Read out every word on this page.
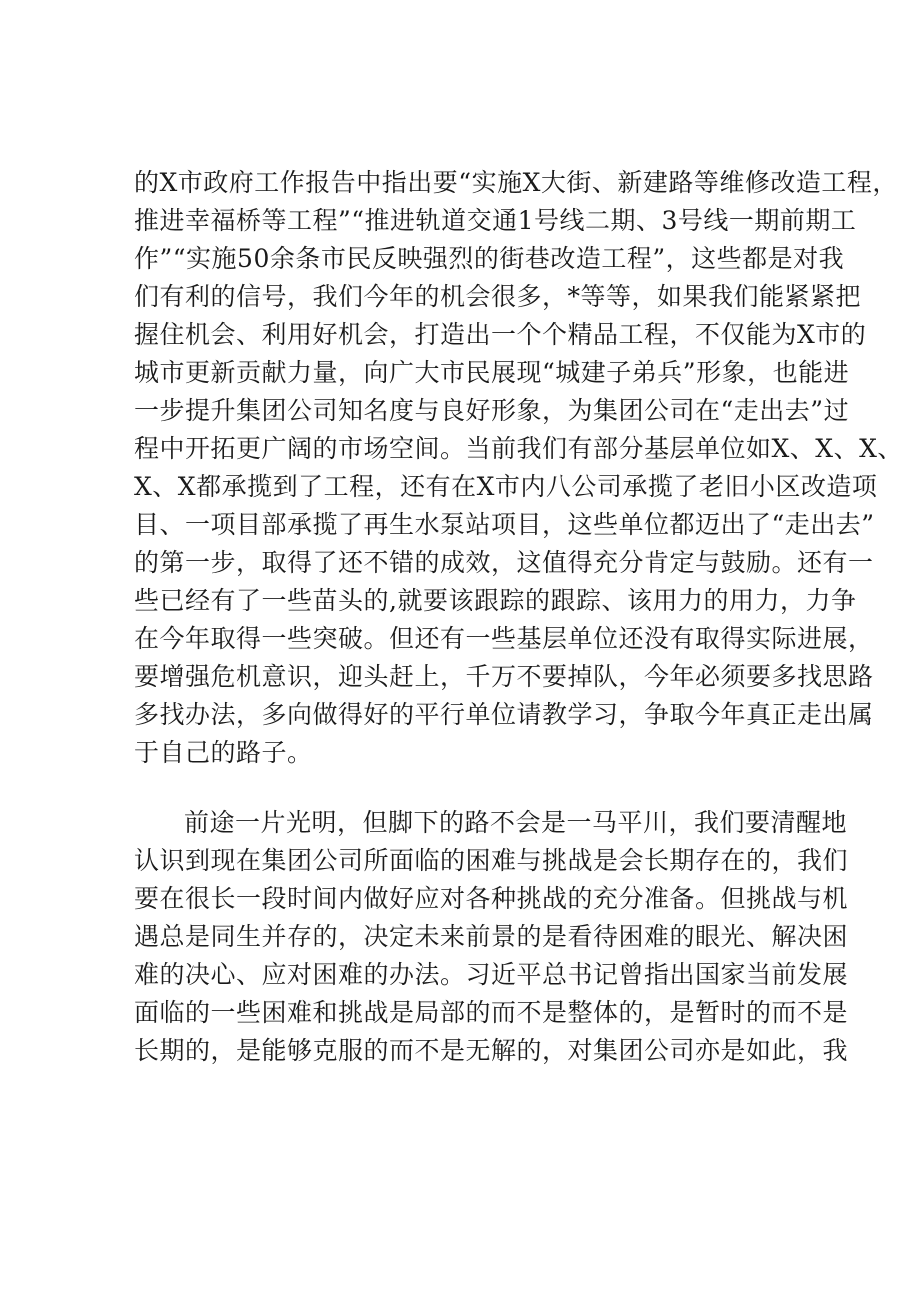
的X市政府工作报告中指出要“实施X大街、新建路等维修改造工程，
推进幸福桥等工程”“推进轨道交通1号线二期、3号线一期前期工
作”“实施50余条市民反映强烈的街巷改造工程”，这些都是对我
们有利的信号，我们今年的机会很多，*等等，如果我们能紧紧把
握住机会、利用好机会，打造出一个个精品工程，不仅能为X市的
城市更新贡献力量，向广大市民展现“城建子弟兵”形象，也能进
一步提升集团公司知名度与良好形象，为集团公司在“走出去”过
程中开拓更广阔的市场空间。当前我们有部分基层单位如X、X、X、
X、X都承揽到了工程，还有在X市内八公司承揽了老旧小区改造项
目、一项目部承揽了再生水泵站项目，这些单位都迈出了“走出去”
的第一步，取得了还不错的成效，这值得充分肯定与鼓励。还有一
些已经有了一些苗头的,就要该跟踪的跟踪、该用力的用力，力争
在今年取得一些突破。但还有一些基层单位还没有取得实际进展，
要增强危机意识，迎头赶上，千万不要掉队，今年必须要多找思路
多找办法，多向做得好的平行单位请教学习，争取今年真正走出属
于自己的路子。
前途一片光明，但脚下的路不会是一马平川，我们要清醒地
认识到现在集团公司所面临的困难与挑战是会长期存在的，我们
要在很长一段时间内做好应对各种挑战的充分准备。但挑战与机
遇总是同生并存的，决定未来前景的是看待困难的眼光、解决困
难的决心、应对困难的办法。习近平总书记曾指出国家当前发展
面临的一些困难和挑战是局部的而不是整体的，是暂时的而不是
长期的，是能够克服的而不是无解的，对集团公司亦是如此，我
